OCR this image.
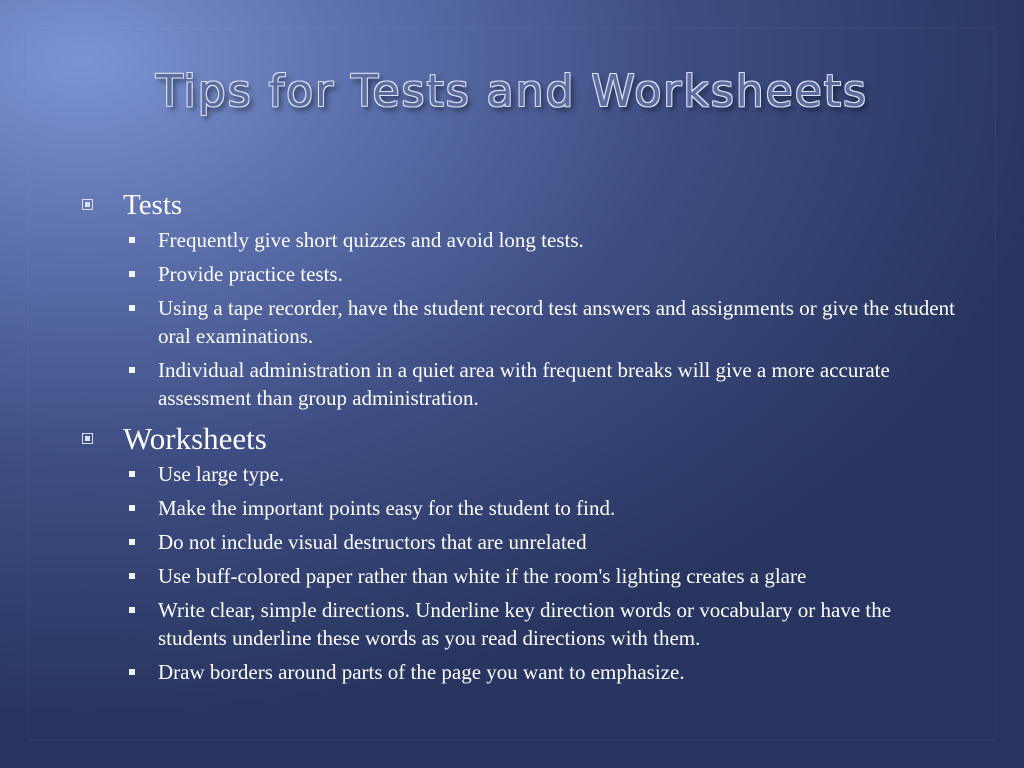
Tips for Tests and Worksheets
Tests
Frequently give short quizzes and avoid long tests.
Provide practice tests.
Using a tape recorder, have the student record test answers and assignments or give the student oral examinations.
Individual administration in a quiet area with frequent breaks will give a more accurate assessment than group administration.
Worksheets
Use large type.
Make the important points easy for the student to find.
Do not include visual destructors that are unrelated
Use buff-colored paper rather than white if the room's lighting creates a glare
Write clear, simple directions. Underline key direction words or vocabulary or have the students underline these words as you read directions with them.
Draw borders around parts of the page you want to emphasize.
